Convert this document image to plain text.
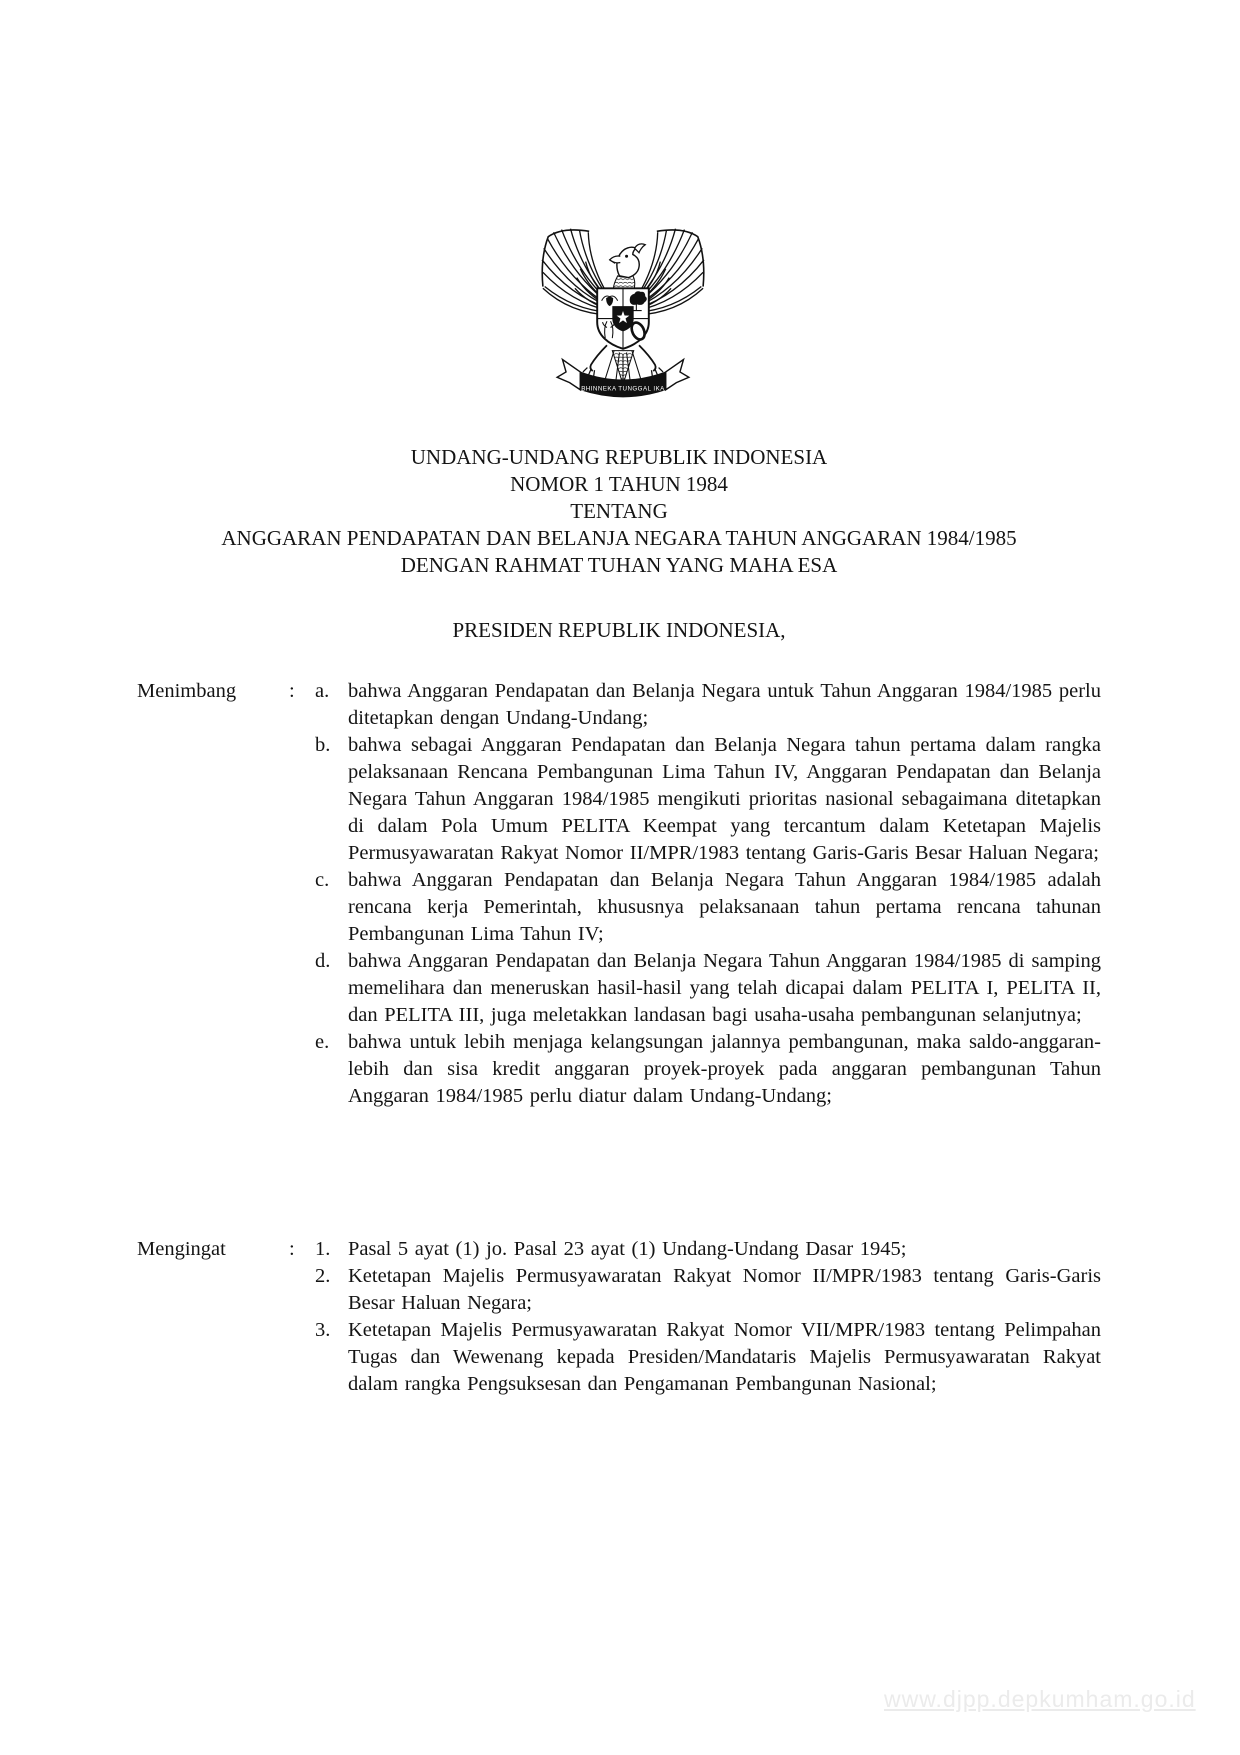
BHINNEKA TUNGGAL IKA
UNDANG-UNDANG REPUBLIK INDONESIA
NOMOR 1 TAHUN 1984
TENTANG
ANGGARAN PENDAPATAN DAN BELANJA NEGARA TAHUN ANGGARAN 1984/1985
DENGAN RAHMAT TUHAN YANG MAHA ESA
PRESIDEN REPUBLIK INDONESIA,
Menimbang	: a. bahwa Anggaran Pendapatan dan Belanja Negara untuk Tahun Anggaran 1984/1985 perlu ditetapkan dengan Undang-Undang;
b. bahwa sebagai Anggaran Pendapatan dan Belanja Negara tahun pertama dalam rangka pelaksanaan Rencana Pembangunan Lima Tahun IV, Anggaran Pendapatan dan Belanja Negara Tahun Anggaran 1984/1985 mengikuti prioritas nasional sebagaimana ditetapkan di dalam Pola Umum PELITA Keempat yang tercantum dalam Ketetapan Majelis Permusyawaratan Rakyat Nomor II/MPR/1983 tentang Garis-Garis Besar Haluan Negara;
c. bahwa Anggaran Pendapatan dan Belanja Negara Tahun Anggaran 1984/1985 adalah rencana kerja Pemerintah, khususnya pelaksanaan tahun pertama rencana tahunan Pembangunan Lima Tahun IV;
d. bahwa Anggaran Pendapatan dan Belanja Negara Tahun Anggaran 1984/1985 di samping memelihara dan meneruskan hasil-hasil yang telah dicapai dalam PELITA I, PELITA II, dan PELITA III, juga meletakkan landasan bagi usaha-usaha pembangunan selanjutnya;
e. bahwa untuk lebih menjaga kelangsungan jalannya pembangunan, maka saldo-anggaran-lebih dan sisa kredit anggaran proyek-proyek pada anggaran pembangunan Tahun Anggaran 1984/1985 perlu diatur dalam Undang-Undang;
Mengingat	: 1. Pasal 5 ayat (1) jo. Pasal 23 ayat (1) Undang-Undang Dasar 1945;
2. Ketetapan Majelis Permusyawaratan Rakyat Nomor II/MPR/1983 tentang Garis-Garis Besar Haluan Negara;
3. Ketetapan Majelis Permusyawaratan Rakyat Nomor VII/MPR/1983 tentang Pelimpahan Tugas dan Wewenang kepada Presiden/Mandataris Majelis Permusyawaratan Rakyat dalam rangka Pengsuksesan dan Pengamanan Pembangunan Nasional;
www.djpp.depkumham.go.id
